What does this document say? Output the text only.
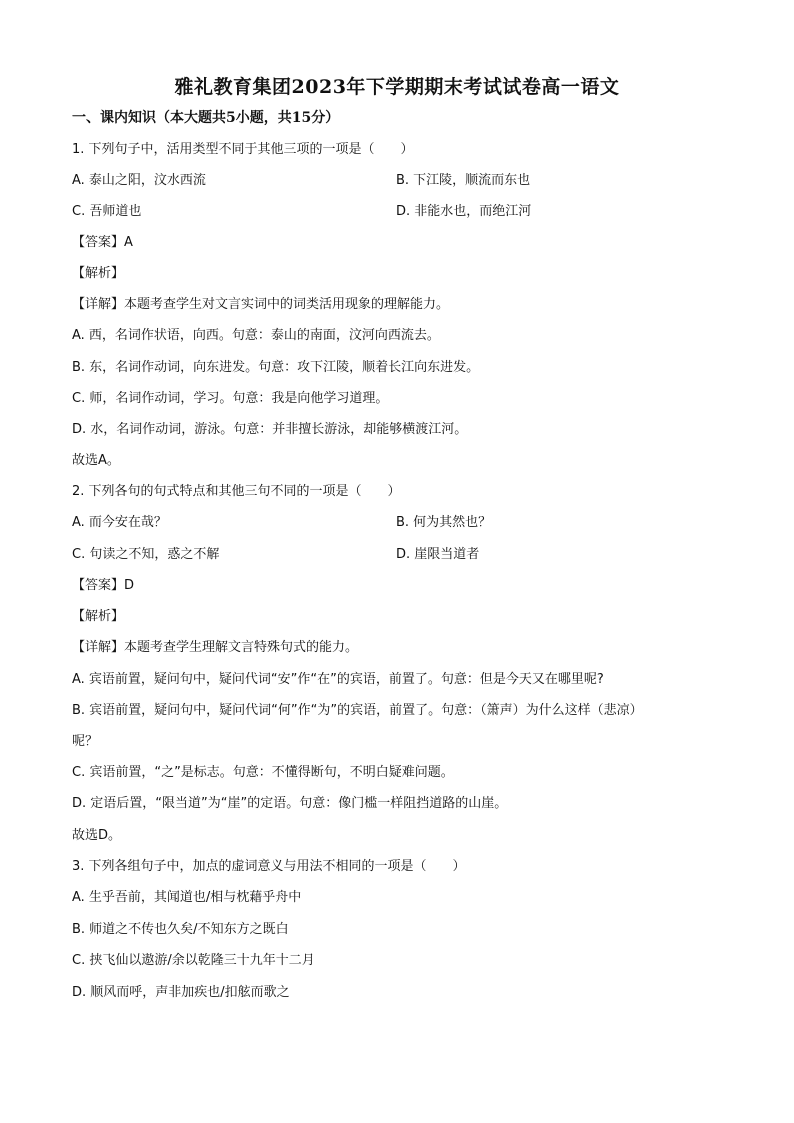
雅礼教育集团2023年下学期期末考试试卷高一语文
一、课内知识（本大题共5小题，共15分）
1. 下列句子中，活用类型不同于其他三项的一项是（　　）
A. 泰山之阳，汶水西流	B. 下江陵，顺流而东也
C. 吾师道也	D. 非能水也，而绝江河
【答案】A
【解析】
【详解】本题考查学生对文言实词中的词类活用现象的理解能力。
A. 西，名词作状语，向西。句意：泰山的南面，汶河向西流去。
B. 东，名词作动词，向东进发。句意：攻下江陵，顺着长江向东进发。
C. 师，名词作动词，学习。句意：我是向他学习道理。
D. 水，名词作动词，游泳。句意：并非擅长游泳，却能够横渡江河。
故选A。
2. 下列各句的句式特点和其他三句不同的一项是（　　）
A. 而今安在哉？	B. 何为其然也？
C. 句读之不知，惑之不解	D. 崖限当道者
【答案】D
【解析】
【详解】本题考查学生理解文言特殊句式的能力。
A. 宾语前置，疑问句中，疑问代词“安”作“在”的宾语，前置了。句意：但是今天又在哪里呢?
B. 宾语前置，疑问句中，疑问代词“何”作“为”的宾语，前置了。句意：（箫声）为什么这样（悲凉）
呢？
C. 宾语前置，“之”是标志。句意：不懂得断句，不明白疑难问题。
D. 定语后置，“限当道”为“崖”的定语。句意：像门槛一样阻挡道路的山崖。
故选D。
3. 下列各组句子中，加点的虚词意义与用法不相同的一项是（　　）
A. 生乎吾前，其闻道也/相与枕藉乎舟中
B. 师道之不传也久矣/不知东方之既白
C. 挟飞仙以遨游/余以乾隆三十九年十二月
D. 顺风而呼，声非加疾也/扣舷而歌之
